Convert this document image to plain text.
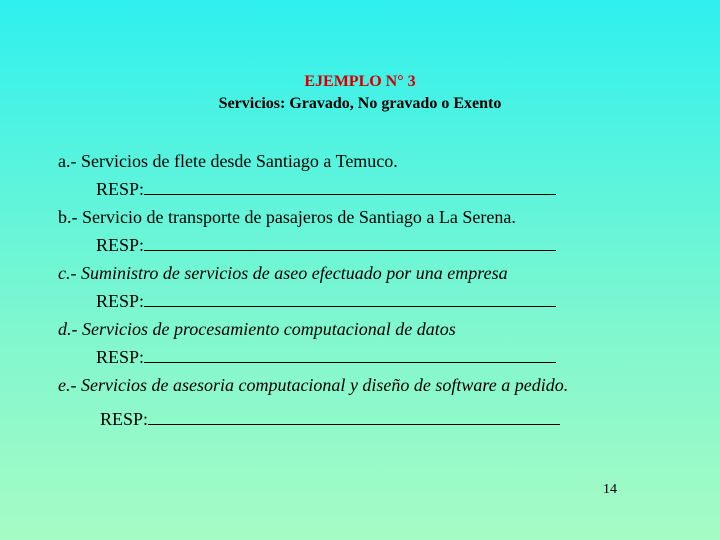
EJEMPLO N° 3
Servicios: Gravado, No gravado o Exento
a.- Servicios de flete desde Santiago a Temuco.
RESP:
b.- Servicio de transporte de pasajeros de Santiago a La Serena.
RESP:
c.- Suministro de servicios de aseo efectuado por una empresa
RESP:
d.- Servicios de procesamiento computacional de datos
RESP:
e.- Servicios de asesoria computacional y diseño de software a pedido.
RESP:
14
